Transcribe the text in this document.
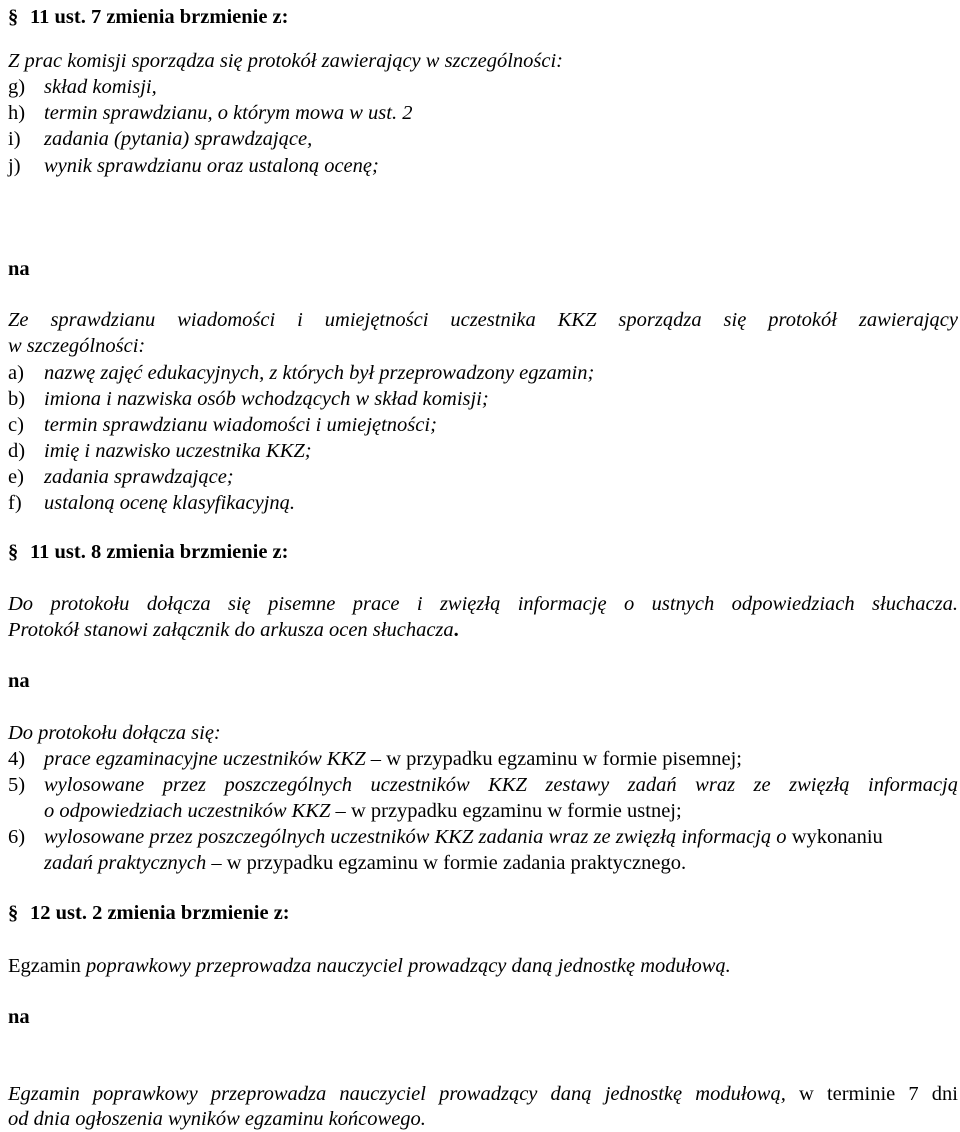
§ 11 ust. 7 zmienia brzmienie z:
Z prac komisji sporządza się protokół zawierający w szczególności:
g) skład komisji,
h) termin sprawdzianu, o którym mowa w ust. 2
i) zadania (pytania) sprawdzające,
j) wynik sprawdzianu oraz ustaloną ocenę;
na
Ze sprawdzianu wiadomości i umiejętności uczestnika KKZ sporządza się protokół zawierający
w szczególności:
a) nazwę zajęć edukacyjnych, z których był przeprowadzony egzamin;
b) imiona i nazwiska osób wchodzących w skład komisji;
c) termin sprawdzianu wiadomości i umiejętności;
d) imię i nazwisko uczestnika KKZ;
e) zadania sprawdzające;
f) ustaloną ocenę klasyfikacyjną.
§ 11 ust. 8 zmienia brzmienie z:
Do protokołu dołącza się pisemne prace i zwięzłą informację o ustnych odpowiedziach słuchacza.
Protokół stanowi załącznik do arkusza ocen słuchacza.
na
Do protokołu dołącza się:
4) prace egzaminacyjne uczestników KKZ – w przypadku egzaminu w formie pisemnej;
5) wylosowane przez poszczególnych uczestników KKZ zestawy zadań wraz ze zwięzłą informacją
o odpowiedziach uczestników KKZ – w przypadku egzaminu w formie ustnej;
6) wylosowane przez poszczególnych uczestników KKZ zadania wraz ze zwięzłą informacją o wykonaniu
zadań praktycznych – w przypadku egzaminu w formie zadania praktycznego.
§ 12 ust. 2 zmienia brzmienie z:
Egzamin poprawkowy przeprowadza nauczyciel prowadzący daną jednostkę modułową.
na
Egzamin poprawkowy przeprowadza nauczyciel prowadzący daną jednostkę modułową, w terminie 7 dni
od dnia ogłoszenia wyników egzaminu końcowego.
